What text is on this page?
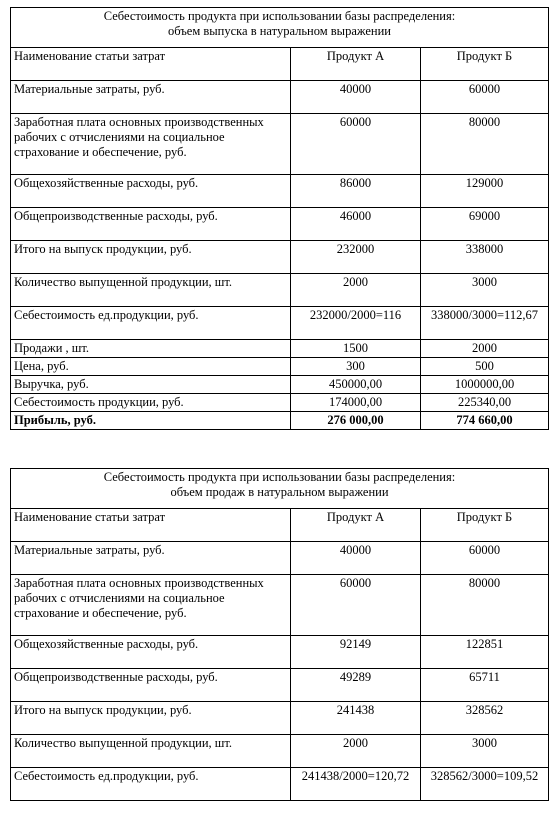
Себестоимость продукта при использовании базы распределения:
объем выпуска в натуральном выражении		

Наименование статьи затрат	Продукт А	Продукт Б
Материальные затраты, руб.	40000	60000
Заработная плата основных производственных рабочих с отчислениями на социальное страхование и обеспечение, руб.	60000	80000
Общехозяйственные расходы, руб.	86000	129000
Общепроизводственные расходы, руб.	46000	69000
Итого на выпуск продукции, руб.	232000	338000
Количество выпущенной продукции, шт.	2000	3000
Себестоимость ед.продукции, руб.	232000/2000=116	338000/3000=112,67
Продажи , шт.	1500	2000
Цена, руб.	300	500
Выручка, руб.	450000,00	1000000,00
Себестоимость продукции, руб.	174000,00	225340,00
Прибыль, руб.	276 000,00	774 660,00
Себестоимость продукта при использовании базы распределения:
объем продаж в натуральном выражении		

Наименование статьи затрат	Продукт А	Продукт Б
Материальные затраты, руб.	40000	60000
Заработная плата основных производственных рабочих с отчислениями на социальное страхование и обеспечение, руб.	60000	80000
Общехозяйственные расходы, руб.	92149	122851
Общепроизводственные расходы, руб.	49289	65711
Итого на выпуск продукции, руб.	241438	328562
Количество выпущенной продукции, шт.	2000	3000
Себестоимость ед.продукции, руб.	241438/2000=120,72	328562/3000=109,52
